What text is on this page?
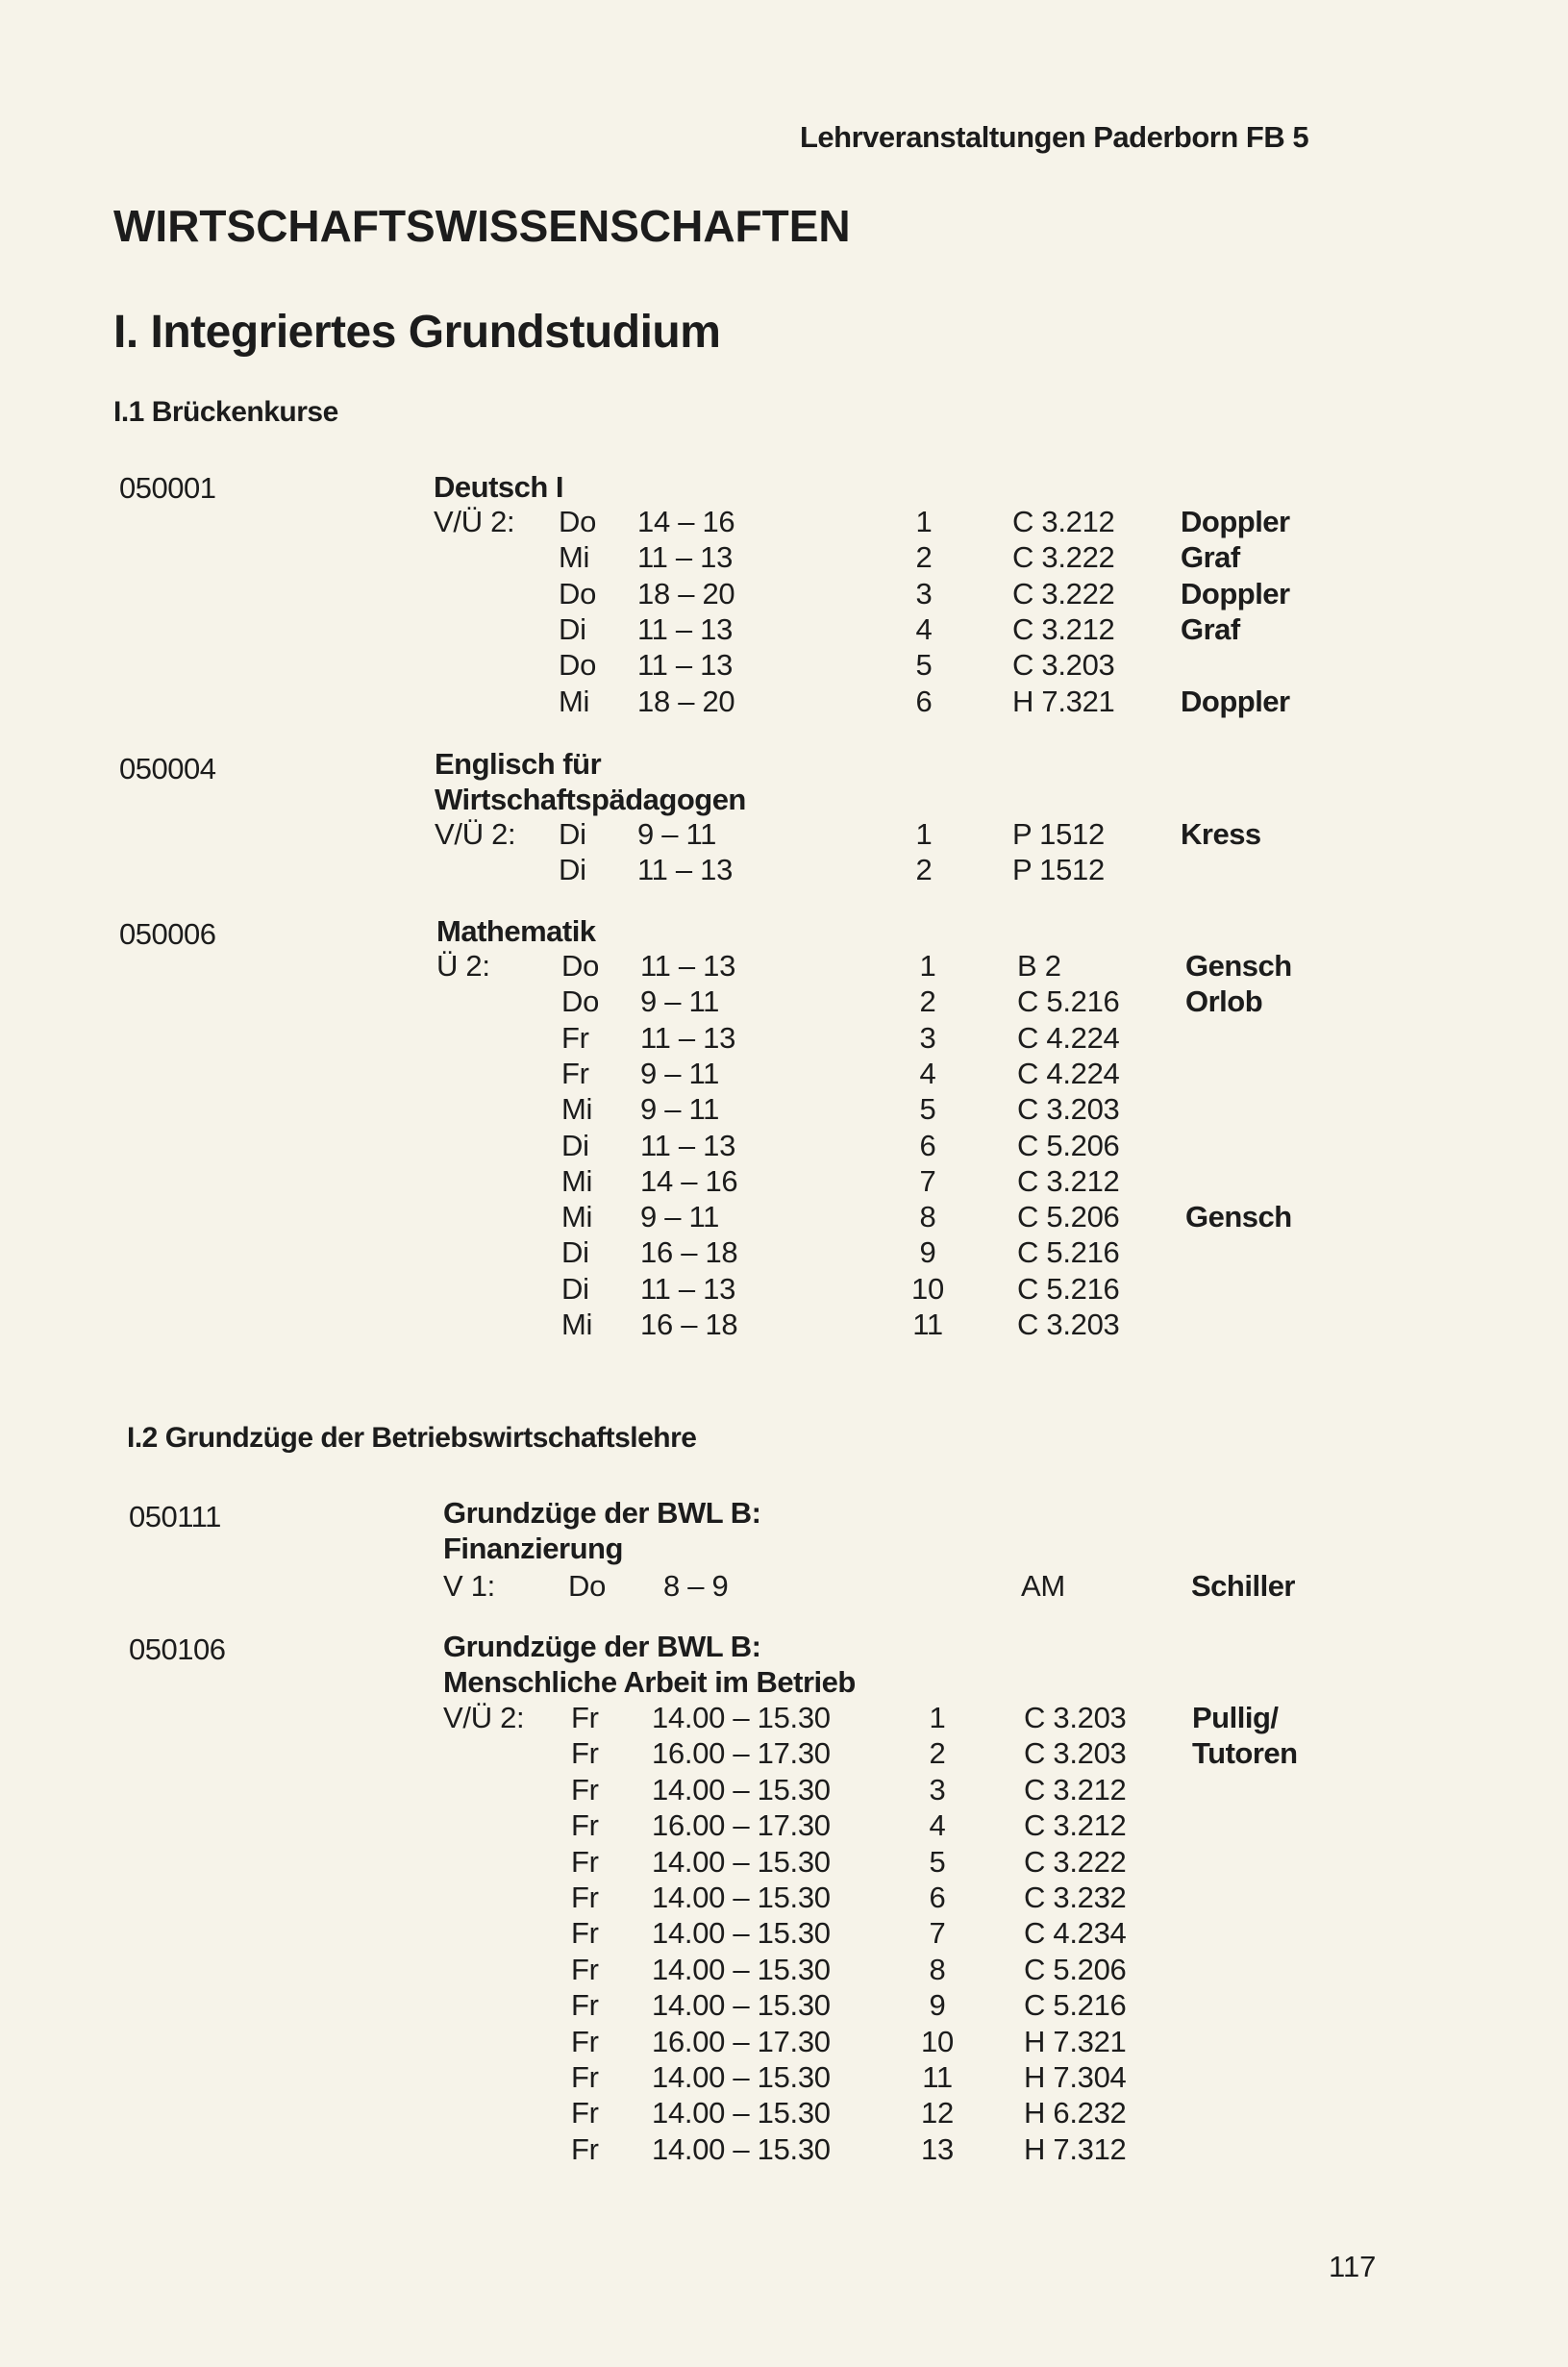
Lehrveranstaltungen Paderborn FB 5
WIRTSCHAFTSWISSENSCHAFTEN
I. Integriertes Grundstudium
I.1 Brückenkurse
050001	Deutsch I
V/Ü 2: Do 14 – 16	1	C 3.212 Doppler
Mi 11 – 13	2	C 3.222 Graf
Do 18 – 20	3	C 3.222 Doppler
Di 11 – 13	4	C 3.212 Graf
Do 11 – 13	5	C 3.203
Mi 18 – 20	6	H 7.321 Doppler
050004	Englisch für
Wirtschaftspädagogen
V/Ü 2: Di 9 – 11	1	P 1512	Kress
Di 11 – 13	2	P 1512
050006	Mathematik
Ü 2: Do 11 – 13	1	B 2	Gensch
Do 9 – 11	2	C 5.216 Orlob
Fr 11 – 13	3	C 4.224
Fr 9 – 11	4	C 4.224
Mi 9 – 11	5	C 3.203
Di 11 – 13	6	C 5.206
Mi 14 – 16	7	C 3.212
Mi 9 – 11	8	C 5.206 Gensch
Di 16 – 18	9	C 5.216
Di 11 – 13	10	C 5.216
Mi 16 – 18	11	C 3.203
I.2 Grundzüge der Betriebswirtschaftslehre
050111	Grundzüge der BWL B:
Finanzierung
V 1: Do 8 – 9	AM	Schiller
050106	Grundzüge der BWL B:
Menschliche Arbeit im Betrieb
V/Ü 2: Fr 14.00 – 15.30	1	C 3.203 Pullig/
Fr 16.00 – 17.30	2	C 3.203 Tutoren
Fr 14.00 – 15.30	3	C 3.212
Fr 16.00 – 17.30	4	C 3.212
Fr 14.00 – 15.30	5	C 3.222
Fr 14.00 – 15.30	6	C 3.232
Fr 14.00 – 15.30	7	C 4.234
Fr 14.00 – 15.30	8	C 5.206
Fr 14.00 – 15.30	9	C 5.216
Fr 16.00 – 17.30	10	H 7.321
Fr 14.00 – 15.30	11	H 7.304
Fr 14.00 – 15.30	12	H 6.232
Fr 14.00 – 15.30	13	H 7.312
117
